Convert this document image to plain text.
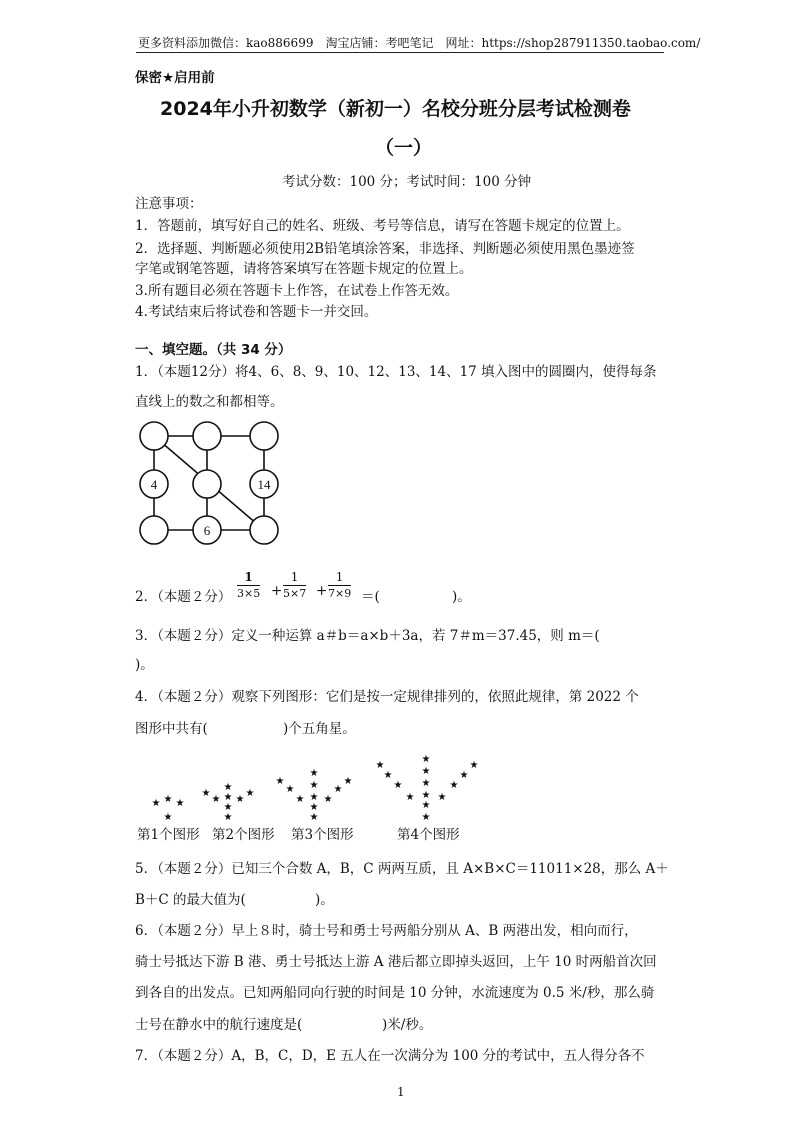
更多资料添加微信：kao886699　淘宝店铺：考吧笔记　网址：https://shop287911350.taobao.com/
保密★启用前
2024年小升初数学（新初一）名校分班分层考试检测卷
（一）
考试分数：100 分；考试时间：100 分钟
注意事项：
1．答题前，填写好自己的姓名、班级、考号等信息，请写在答题卡规定的位置上。
2．选择题、判断题必须使用2B铅笔填涂答案，非选择、判断题必须使用黑色墨迹签
字笔或钢笔答题，请将答案填写在答题卡规定的位置上。
3.所有题目必须在答题卡上作答，在试卷上作答无效。
4.考试结束后将试卷和答题卡一并交回。
一、填空题。（共 34 分）
1．（本题12分）将4、6、8、9、10、12、13、14、17 填入图中的圆圈内，使得每条
直线上的数之和都相等。
4	14
6
2．（本题２分） $\frac{1}{3\times 5} + \frac{1}{5\times 7} + \frac{1}{7\times 9}$ ＝(	)。
3．（本题２分）定义一种运算 a＃b＝a×b＋3a，若 7＃m＝37.45，则 m＝(
)。
4．（本题２分）观察下列图形：它们是按一定规律排列的，依照此规律，第 2022 个
图形中共有(	)个五角星。
★ ★ ★
★
★
★
★
★ ★
★
★
★
★
★
★
★
★
★ ★
★
★
★
★
★
★
★
★
★
★
★
★ ★
★
★
★
★
★
第1个图形 第2个图形 第3个图形	第4个图形
5．（本题２分）已知三个合数 A，B，C 两两互质，且 A×B×C＝11011×28，那么 A＋
B＋C 的最大值为(	)。
6．（本题２分）早上８时，骑士号和勇士号两船分别从 A、B 两港出发，相向而行，
骑士号抵达下游 B 港、勇士号抵达上游 A 港后都立即掉头返回，上午 10 时两船首次回
到各自的出发点。已知两船同向行驶的时间是 10 分钟，水流速度为 0.5 米/秒，那么骑
士号在静水中的航行速度是(	)米/秒。
7．（本题２分）A，B，C，D，E 五人在一次满分为 100 分的考试中，五人得分各不
1
